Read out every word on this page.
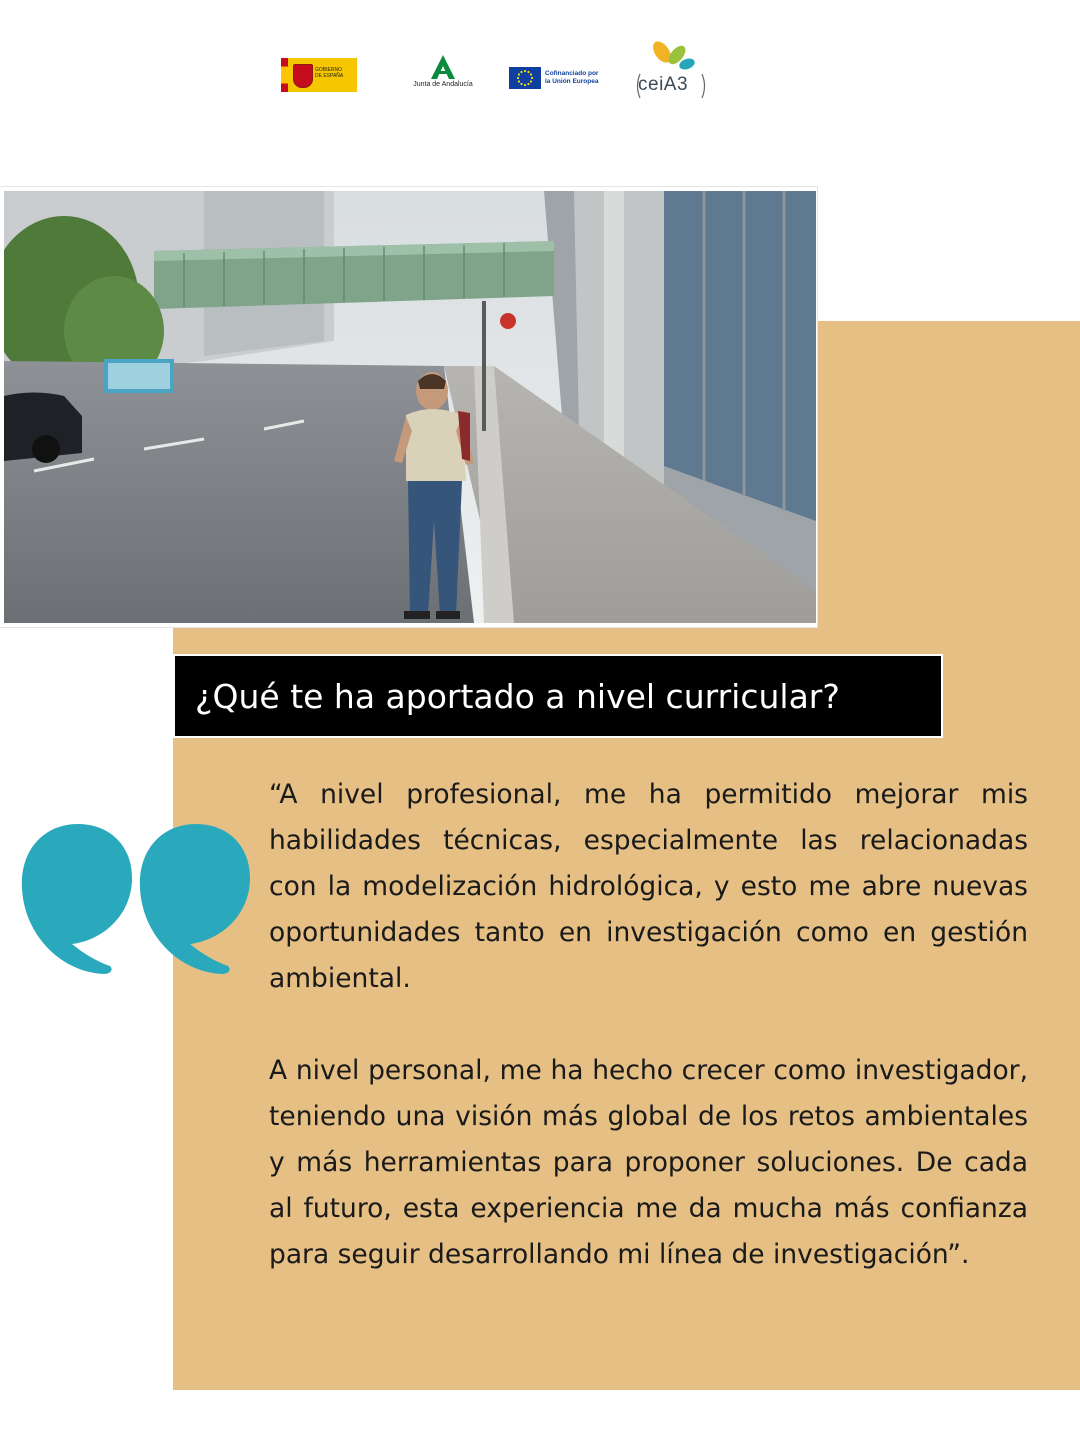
GOBIERNO
DE ESPAÑA
Junta de Andalucía
Cofinanciado por
la Unión Europea ceiA3
¿Qué te ha aportado a nivel curricular?

“A nivel profesional, me ha permitido mejorar mis habilidades técnicas, especialmente las relacionadas con la modelización hidrológica, y esto me abre nuevas oportunidades tanto en investigación como en gestión ambiental.

A nivel personal, me ha hecho crecer como investigador, teniendo una visión más global de los retos ambientales y más herramientas para proponer soluciones. De cada al futuro, esta experiencia me da mucha más confianza para seguir desarrollando mi línea de investigación”.
